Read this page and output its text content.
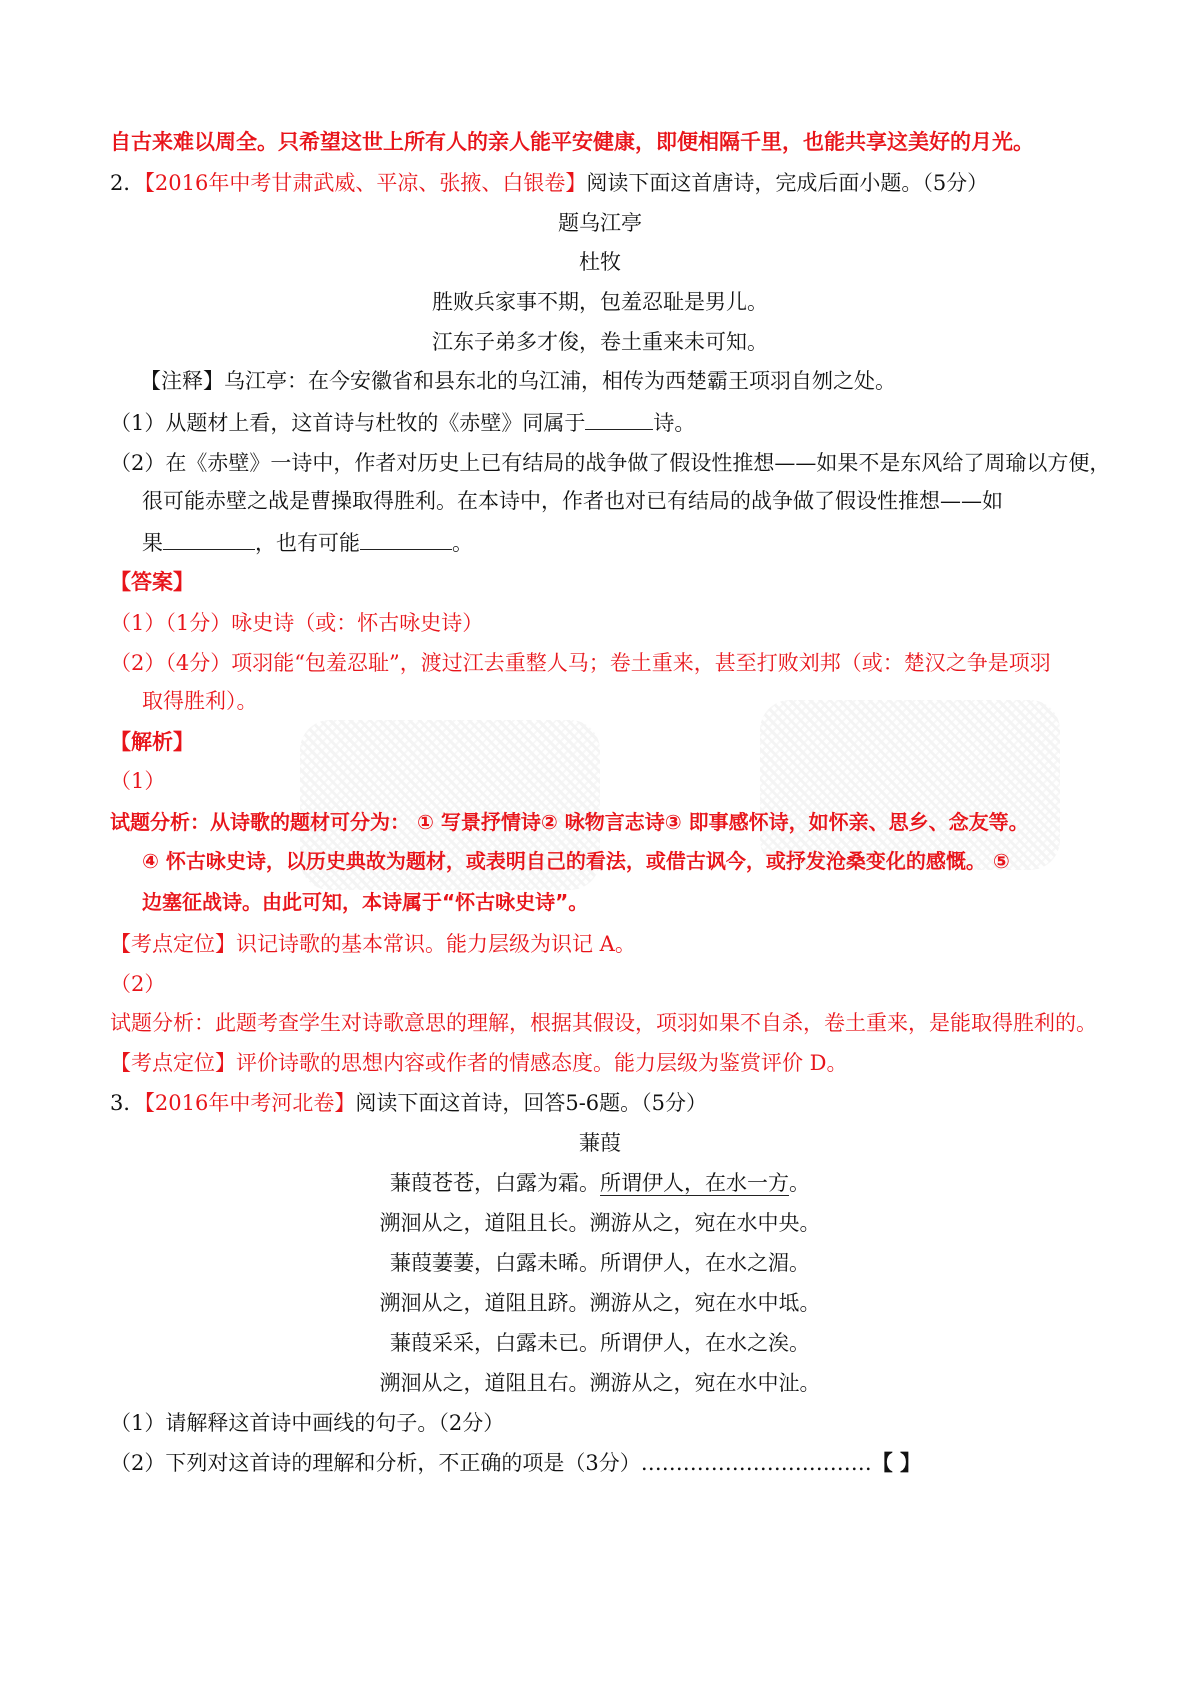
自古来难以周全。只希望这世上所有人的亲人能平安健康，即便相隔千里，也能共享这美好的月光。
2．【2016年中考甘肃武威、平凉、张掖、白银卷】阅读下面这首唐诗，完成后面小题。（5分）
题乌江亭
杜牧
胜败兵家事不期，包羞忍耻是男儿。
江东子弟多才俊，卷土重来未可知。
【注释】乌江亭：在今安徽省和县东北的乌江浦，相传为西楚霸王项羽自刎之处。
（1）从题材上看，这首诗与杜牧的《赤壁》同属于	诗。
（2）在《赤壁》一诗中，作者对历史上已有结局的战争做了假设性推想——如果不是东风给了周瑜以方便，
很可能赤壁之战是曹操取得胜利。在本诗中，作者也对已有结局的战争做了假设性推想——如
果	，也有可能	。
【答案】
（1）（1分）咏史诗（或：怀古咏史诗）
（2）（4分）项羽能“包羞忍耻”，渡过江去重整人马；卷土重来，甚至打败刘邦（或：楚汉之争是项羽
取得胜利）。
【解析】
（1）
试题分析：从诗歌的题材可分为： ① 写景抒情诗② 咏物言志诗③ 即事感怀诗，如怀亲、思乡、念友等。
④ 怀古咏史诗，以历史典故为题材，或表明自己的看法，或借古讽今，或抒发沧桑变化的感慨。 ⑤
边塞征战诗。由此可知，本诗属于“怀古咏史诗”。
【考点定位】识记诗歌的基本常识。能力层级为识记 A。
（2）
试题分析：此题考查学生对诗歌意思的理解，根据其假设，项羽如果不自杀，卷土重来，是能取得胜利的。
【考点定位】评价诗歌的思想内容或作者的情感态度。能力层级为鉴赏评价 D。
3．【2016年中考河北卷】阅读下面这首诗，回答5-6题。（5分）
蒹葭
蒹葭苍苍，白露为霜。所谓伊人，在水一方。
溯洄从之，道阻且长。溯游从之，宛在水中央。
蒹葭萋萋，白露未晞。所谓伊人，在水之湄。
溯洄从之，道阻且跻。溯游从之，宛在水中坻。
蒹葭采采，白露未已。所谓伊人，在水之涘。
溯洄从之，道阻且右。溯游从之，宛在水中沚。
（1）请解释这首诗中画线的句子。（2分）
（2）下列对这首诗的理解和分析，不正确的项是（3分）……………………………【 】
